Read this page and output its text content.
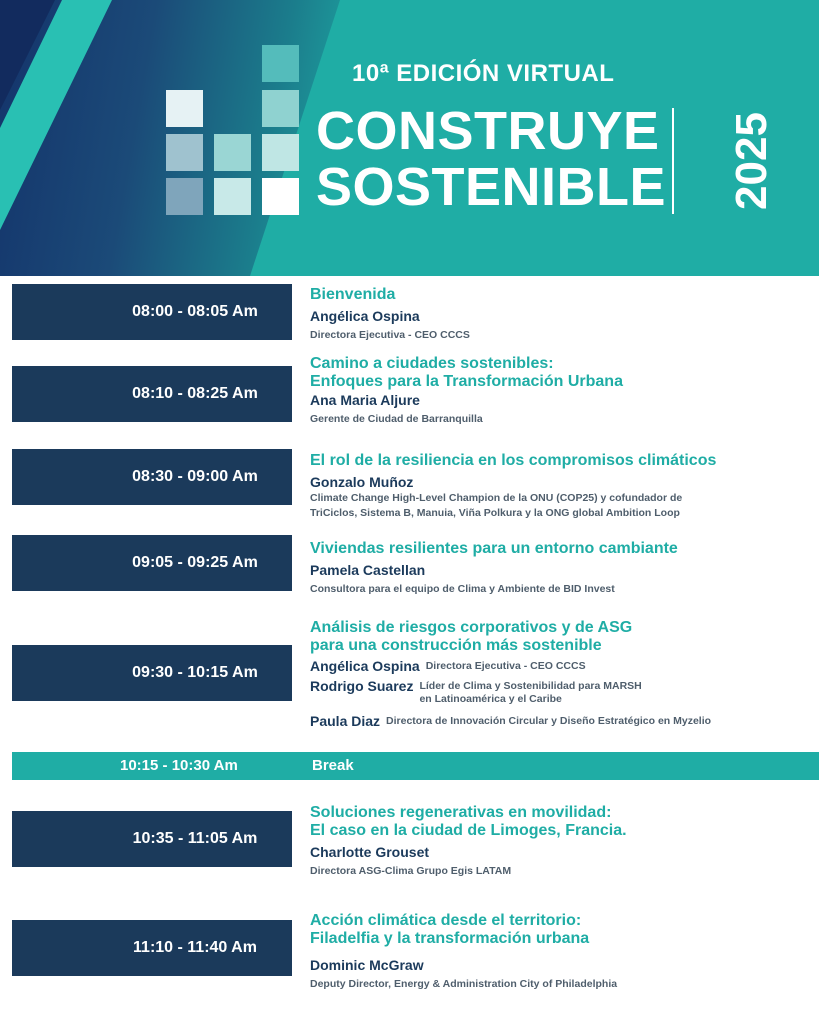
10ª EDICIÓN VIRTUAL
CONSTRUYE
SOSTENIBLE 2025
08:00 - 08:05 Am
Bienvenida
Angélica Ospina
Directora Ejecutiva - CEO CCCS
08:10 - 08:25 Am
Camino a ciudades sostenibles:
Enfoques para la Transformación Urbana
Ana Maria Aljure
Gerente de Ciudad de Barranquilla
08:30 - 09:00 Am
El rol de la resiliencia en los compromisos climáticos
Gonzalo Muñoz
Climate Change High-Level Champion de la ONU (COP25) y cofundador de
TriCiclos, Sistema B, Manuia, Viña Polkura y la ONG global Ambition Loop
09:05 - 09:25 Am
Viviendas resilientes para un entorno cambiante
Pamela Castellan
Consultora para el equipo de Clima y Ambiente de BID Invest
09:30 - 10:15 Am
Análisis de riesgos corporativos y de ASG
para una construcción más sostenible
Angélica Ospina Directora Ejecutiva - CEO CCCS
Rodrigo Suarez Líder de Clima y Sostenibilidad para MARSH
en Latinoamérica y el Caribe
Paula Diaz Directora de Innovación Circular y Diseño Estratégico en Myzelio
10:15 - 10:30 Am	Break
10:35 - 11:05 Am
Soluciones regenerativas en movilidad:
El caso en la ciudad de Limoges, Francia.
Charlotte Grouset
Directora ASG-Clima Grupo Egis LATAM
11:10 - 11:40 Am
Acción climática desde el territorio:
Filadelfia y la transformación urbana
Dominic McGraw
Deputy Director, Energy & Administration City of Philadelphia
